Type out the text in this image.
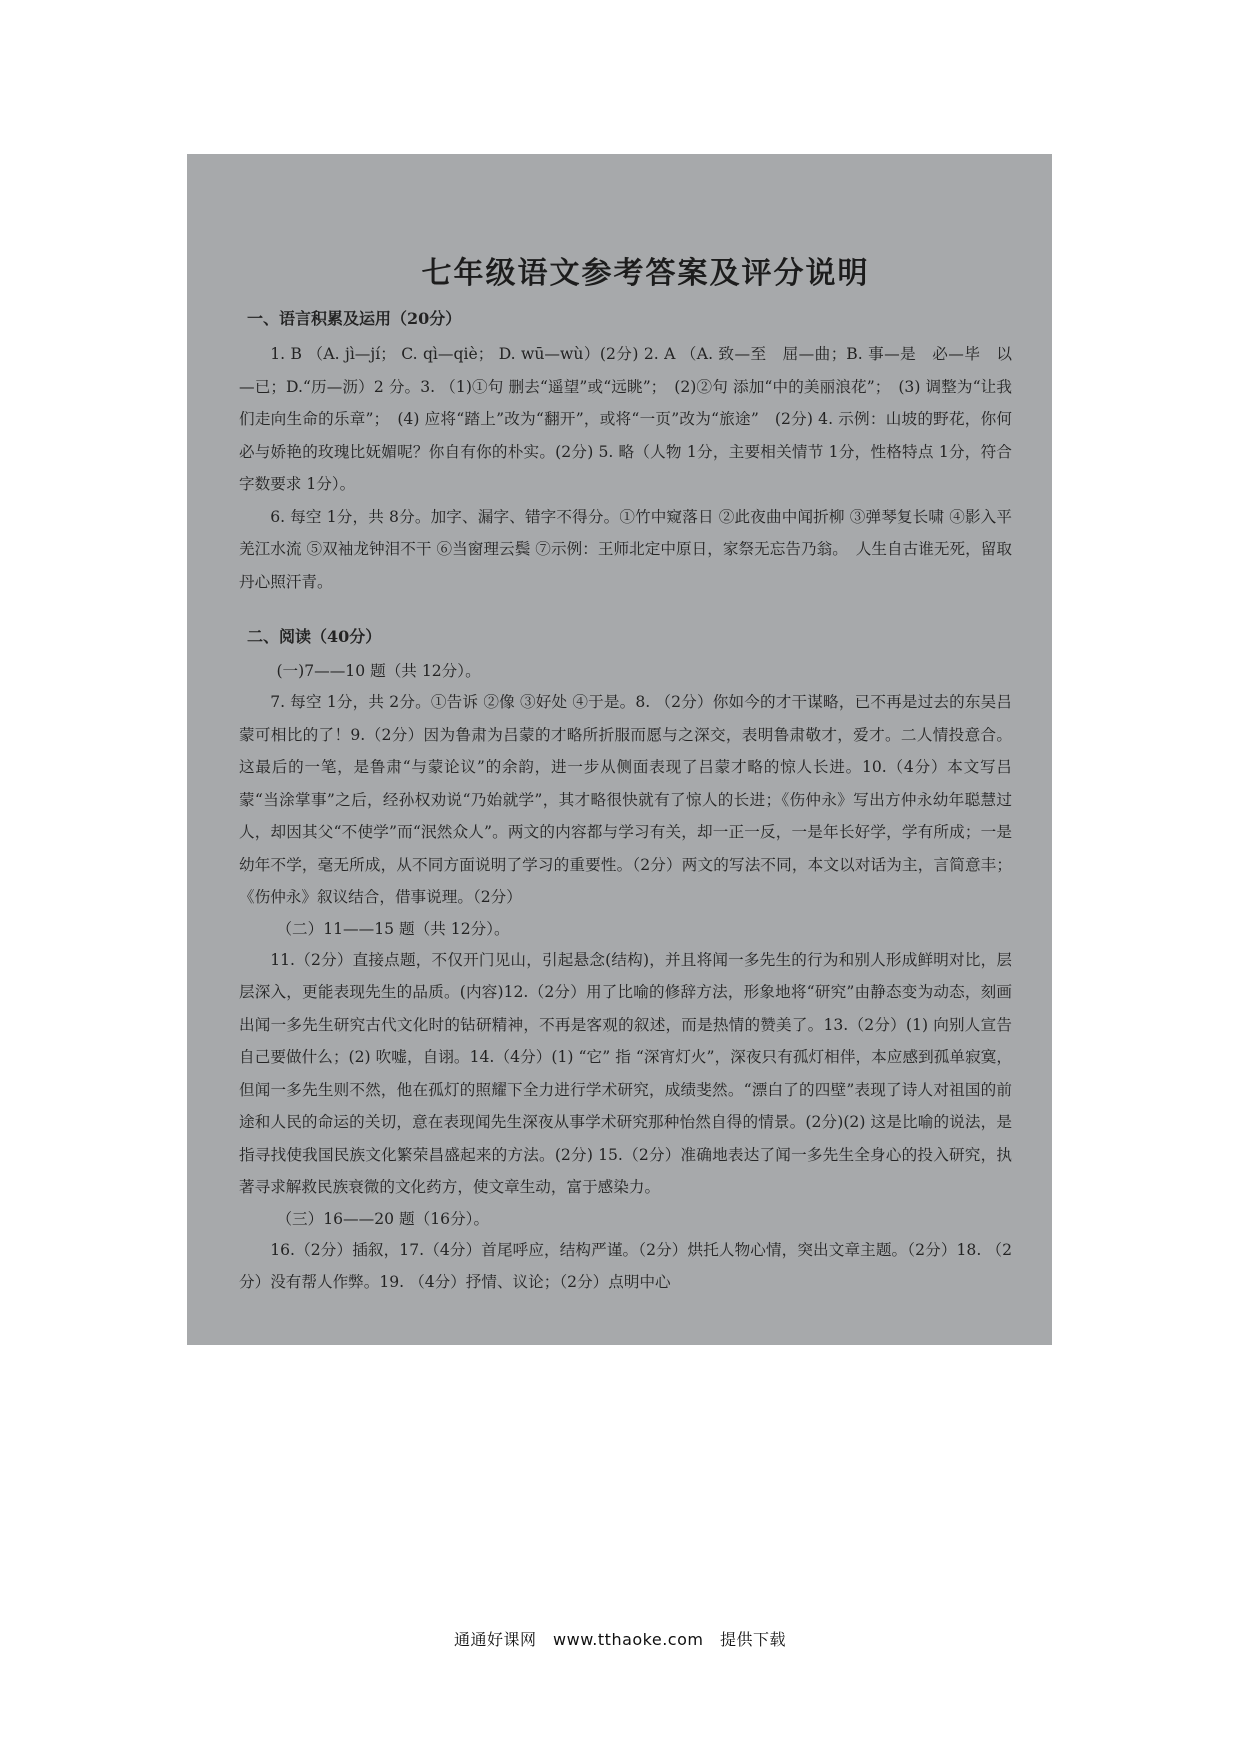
七年级语文参考答案及评分说明
一、语言积累及运用（20分）

1. B （A. jì—jí； C. qì—qiè； D. wū—wù）(2分) 2. A （A. 致—至　屈—曲；B. 事—是　必—毕　以—已；D.“历—沥）2 分。3. （1)①句 删去“遥望”或“远眺”；　(2)②句 添加“中的美丽浪花”；　(3) 调整为“让我们走向生命的乐章”；　(4) 应将“踏上”改为“翻开”，或将“一页”改为“旅途”　(2分) 4. 示例：山坡的野花，你何必与娇艳的玫瑰比妩媚呢？你自有你的朴实。(2分) 5. 略（人物 1分，主要相关情节 1分，性格特点 1分，符合字数要求 1分）。

6. 每空 1分，共 8分。加字、漏字、错字不得分。①竹中窥落日 ②此夜曲中闻折柳 ③弹琴复长啸 ④影入平羌江水流 ⑤双袖龙钟泪不干 ⑥当窗理云鬓 ⑦示例：王师北定中原日，家祭无忘告乃翁。　人生自古谁无死，留取丹心照汗青。

二、阅读（40分）

(一)7——10 题（共 12分）。

7. 每空 1分，共 2分。①告诉 ②像 ③好处 ④于是。8. （2分）你如今的才干谋略，已不再是过去的东吴吕蒙可相比的了！9.（2分）因为鲁肃为吕蒙的才略所折服而愿与之深交，表明鲁肃敬才，爱才。二人情投意合。这最后的一笔，是鲁肃“与蒙论议”的余韵，进一步从侧面表现了吕蒙才略的惊人长进。10.（4分）本文写吕蒙“当涂掌事”之后，经孙权劝说“乃始就学”，其才略很快就有了惊人的长进；《伤仲永》写出方仲永幼年聪慧过人，却因其父“不使学”而“泯然众人”。两文的内容都与学习有关，却一正一反，一是年长好学，学有所成；一是幼年不学，毫无所成，从不同方面说明了学习的重要性。（2分）两文的写法不同，本文以对话为主，言简意丰；《伤仲永》叙议结合，借事说理。（2分）

（二）11——15 题（共 12分）。

11.（2分）直接点题，不仅开门见山，引起悬念(结构)，并且将闻一多先生的行为和别人形成鲜明对比，层层深入，更能表现先生的品质。(内容)12.（2分）用了比喻的修辞方法，形象地将“研究”由静态变为动态，刻画出闻一多先生研究古代文化时的钻研精神，不再是客观的叙述，而是热情的赞美了。13.（2分）(1) 向别人宣告自己要做什么；(2) 吹嘘，自诩。14.（4分）(1) “它” 指 “深宵灯火”，深夜只有孤灯相伴，本应感到孤单寂寞，但闻一多先生则不然，他在孤灯的照耀下全力进行学术研究，成绩斐然。“漂白了的四壁”表现了诗人对祖国的前途和人民的命运的关切，意在表现闻先生深夜从事学术研究那种怡然自得的情景。(2分)(2) 这是比喻的说法，是指寻找使我国民族文化繁荣昌盛起来的方法。(2分) 15.（2分）准确地表达了闻一多先生全身心的投入研究，执著寻求解救民族衰微的文化药方，使文章生动，富于感染力。

（三）16——20 题（16分）。

16.（2分）插叙，17.（4分）首尾呼应，结构严谨。（2分）烘托人物心情，突出文章主题。（2分）18. （2分）没有帮人作弊。19. （4分）抒情、议论；（2分）点明中心

通通好课网　www.tthaoke.com　提供下载
